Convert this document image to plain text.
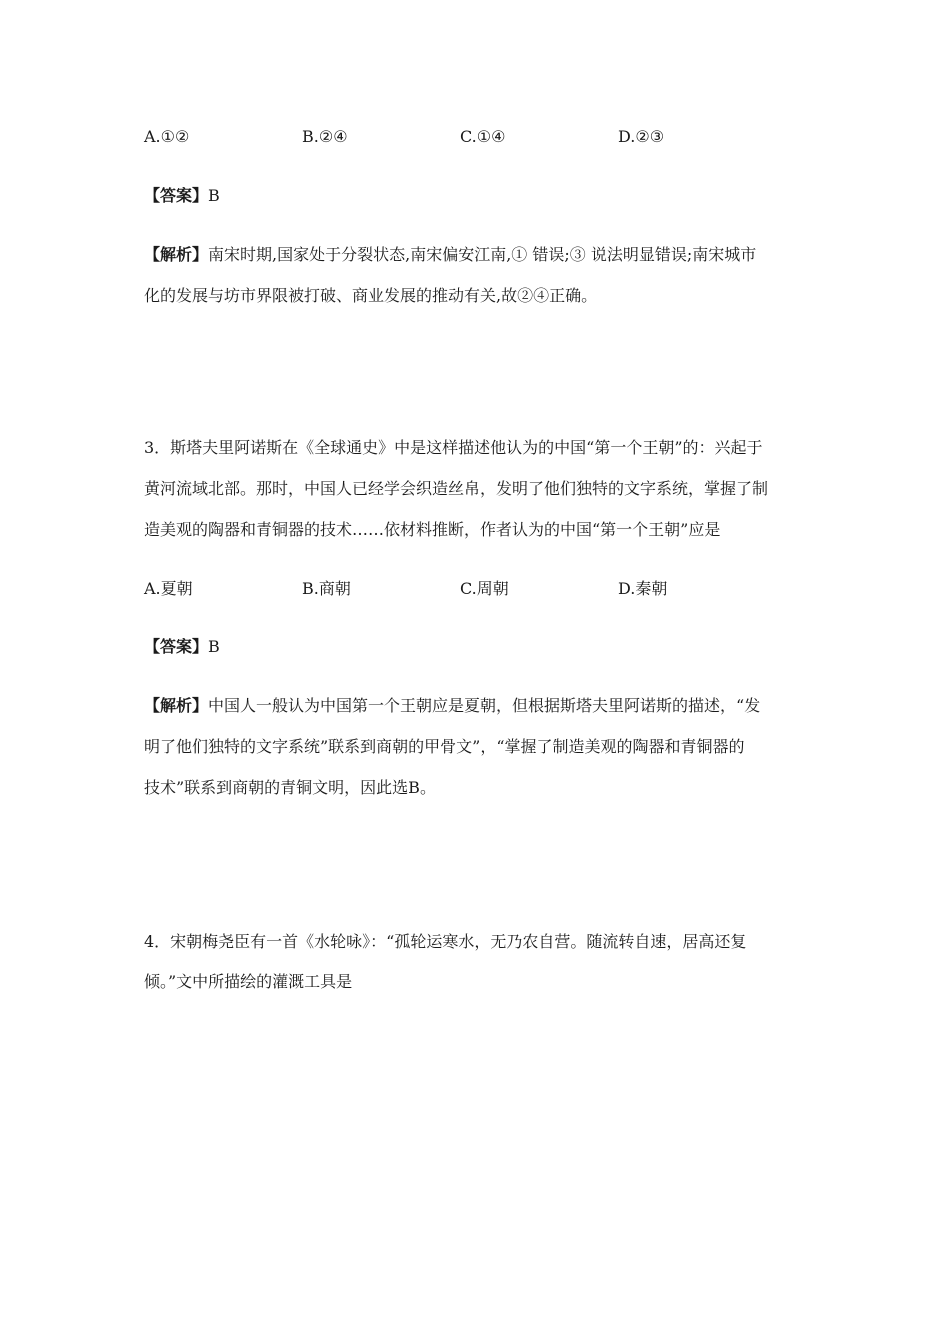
A.①②	B.②④	C.①④	D.②③
【答案】B
【解析】南宋时期,国家处于分裂状态,南宋偏安江南,① 错误;③ 说法明显错误;南宋城市
化的发展与坊市界限被打破、商业发展的推动有关,故②④正确。
3．斯塔夫里阿诺斯在《全球通史》中是这样描述他认为的中国“第一个王朝”的：兴起于
黄河流域北部。那时，中国人已经学会织造丝帛，发明了他们独特的文字系统，掌握了制
造美观的陶器和青铜器的技术……依材料推断，作者认为的中国“第一个王朝”应是
A.夏朝	B.商朝	C.周朝	D.秦朝
【答案】B
【解析】中国人一般认为中国第一个王朝应是夏朝，但根据斯塔夫里阿诺斯的描述，“发
明了他们独特的文字系统”联系到商朝的甲骨文”，“掌握了制造美观的陶器和青铜器的
技术”联系到商朝的青铜文明，因此选B。
4．宋朝梅尧臣有一首《水轮咏》：“孤轮运寒水，无乃农自营。随流转自速，居高还复
倾。”文中所描绘的灌溉工具是
